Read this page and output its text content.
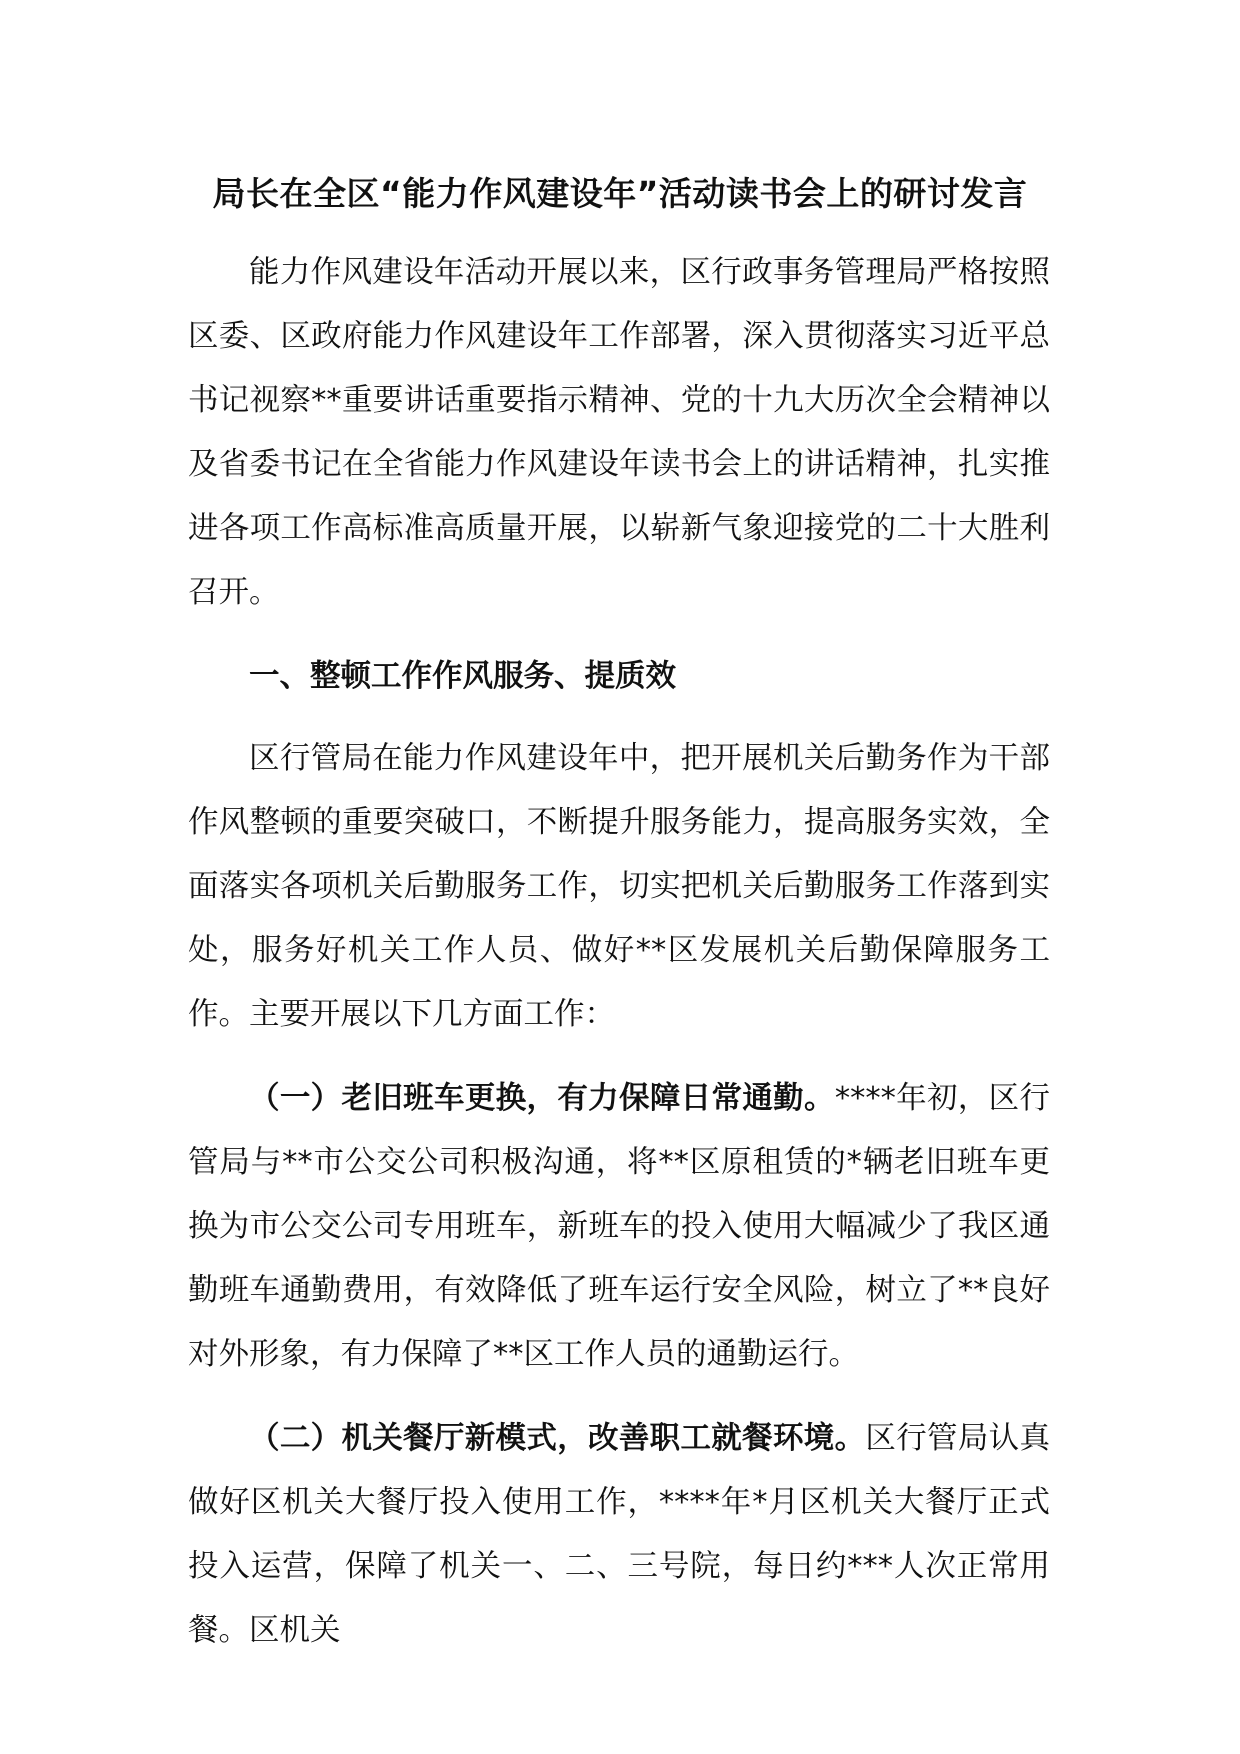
局长在全区“能力作风建设年”活动读书会上的研讨发言

能力作风建设年活动开展以来，区行政事务管理局严格按照区委、区政府能力作风建设年工作部署，深入贯彻落实习近平总书记视察**重要讲话重要指示精神、党的十九大历次全会精神以及省委书记在全省能力作风建设年读书会上的讲话精神，扎实推进各项工作高标准高质量开展，以崭新气象迎接党的二十大胜利召开。

一、整顿工作作风服务、提质效

区行管局在能力作风建设年中，把开展机关后勤务作为干部作风整顿的重要突破口，不断提升服务能力，提高服务实效，全面落实各项机关后勤服务工作，切实把机关后勤服务工作落到实处，服务好机关工作人员、做好**区发展机关后勤保障服务工作。主要开展以下几方面工作：

（一）老旧班车更换，有力保障日常通勤。****年初，区行管局与**市公交公司积极沟通，将**区原租赁的*辆老旧班车更换为市公交公司专用班车，新班车的投入使用大幅减少了我区通勤班车通勤费用，有效降低了班车运行安全风险，树立了**良好对外形象，有力保障了**区工作人员的通勤运行。

（二）机关餐厅新模式，改善职工就餐环境。区行管局认真做好区机关大餐厅投入使用工作，****年*月区机关大餐厅正式投入运营，保障了机关一、二、三号院，每日约***人次正常用餐。区机关
